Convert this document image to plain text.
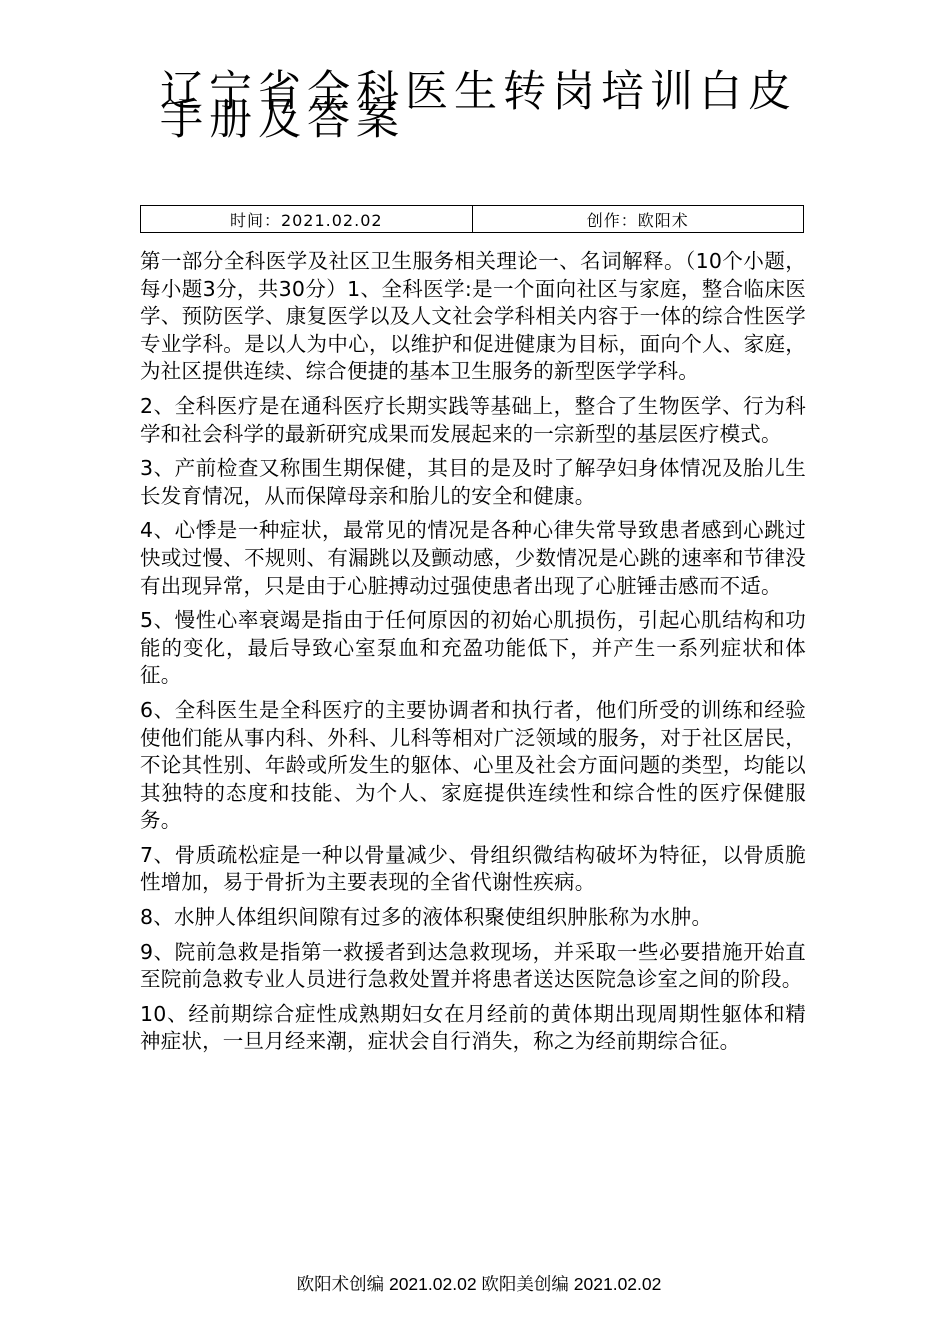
辽宁省全科医生转岗培训白皮手册及答案
时间：2021.02.02	创作：欧阳术

第一部分全科医学及社区卫生服务相关理论一、名词解释。（10个小题，每小题3分，共30分）1、全科医学:是一个面向社区与家庭，整合临床医学、预防医学、康复医学以及人文社会学科相关内容于一体的综合性医学专业学科。是以人为中心，以维护和促进健康为目标，面向个人、家庭，为社区提供连续、综合便捷的基本卫生服务的新型医学学科。

2、全科医疗是在通科医疗长期实践等基础上，整合了生物医学、行为科学和社会科学的最新研究成果而发展起来的一宗新型的基层医疗模式。

3、产前检查又称围生期保健，其目的是及时了解孕妇身体情况及胎儿生长发育情况，从而保障母亲和胎儿的安全和健康。

4、心悸是一种症状，最常见的情况是各种心律失常导致患者感到心跳过快或过慢、不规则、有漏跳以及颤动感，少数情况是心跳的速率和节律没有出现异常，只是由于心脏搏动过强使患者出现了心脏锤击感而不适。

5、慢性心率衰竭是指由于任何原因的初始心肌损伤，引起心肌结构和功能的变化，最后导致心室泵血和充盈功能低下，并产生一系列症状和体征。

6、全科医生是全科医疗的主要协调者和执行者，他们所受的训练和经验使他们能从事内科、外科、儿科等相对广泛领域的服务，对于社区居民，不论其性别、年龄或所发生的躯体、心里及社会方面问题的类型，均能以其独特的态度和技能、为个人、家庭提供连续性和综合性的医疗保健服务。

7、骨质疏松症是一种以骨量减少、骨组织微结构破坏为特征，以骨质脆性增加，易于骨折为主要表现的全省代谢性疾病。

8、水肿人体组织间隙有过多的液体积聚使组织肿胀称为水肿。

9、院前急救是指第一救援者到达急救现场，并采取一些必要措施开始直至院前急救专业人员进行急救处置并将患者送达医院急诊室之间的阶段。

10、经前期综合症性成熟期妇女在月经前的黄体期出现周期性躯体和精神症状，一旦月经来潮，症状会自行消失，称之为经前期综合征。

欧阳术创编 2021.02.02 欧阳美创编 2021.02.02
